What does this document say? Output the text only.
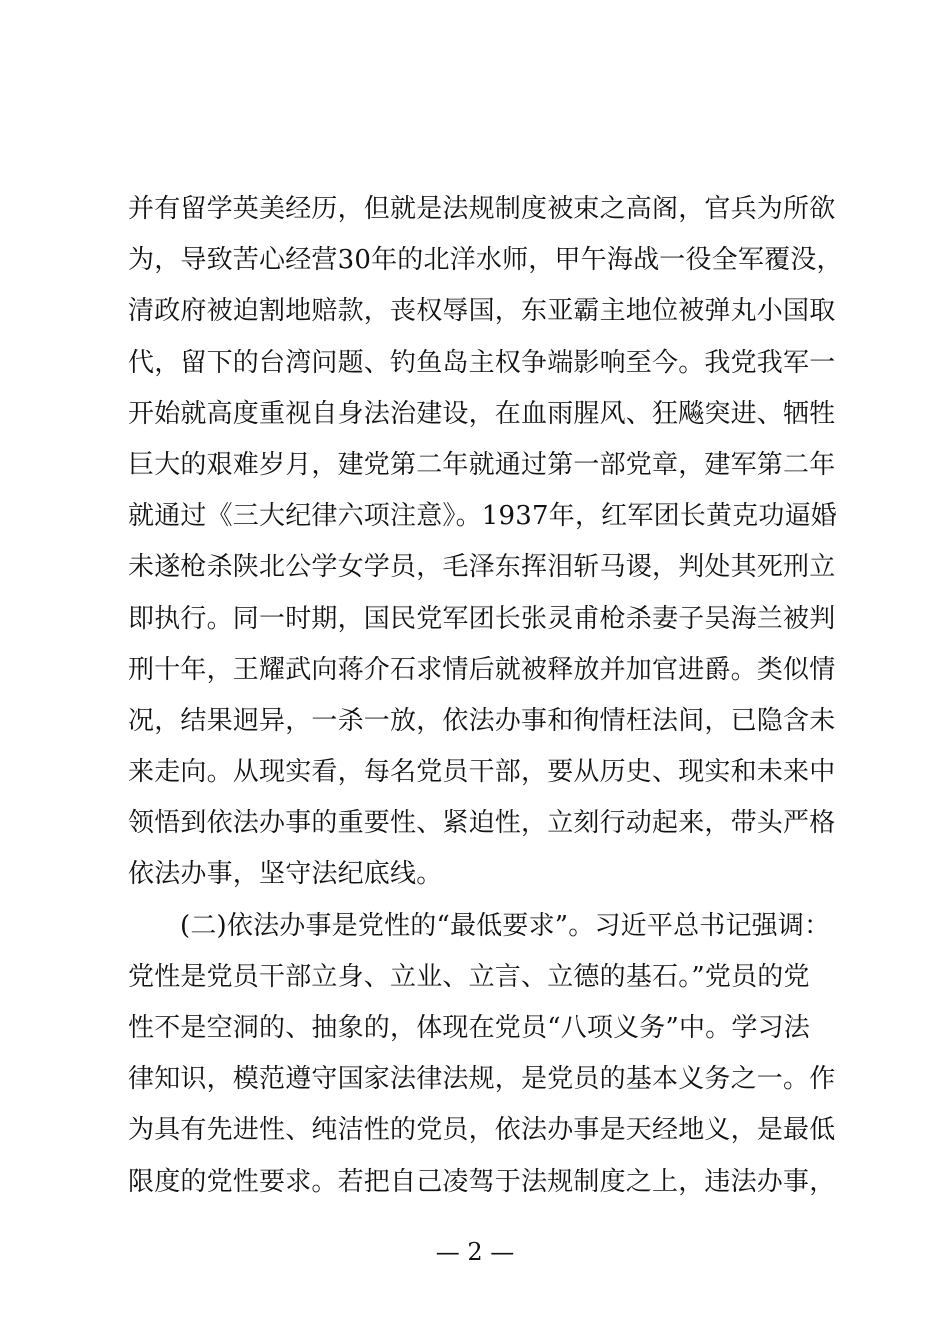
并有留学英美经历，但就是法规制度被束之高阁，官兵为所欲
为，导致苦心经营30年的北洋水师，甲午海战一役全军覆没，
清政府被迫割地赔款，丧权辱国，东亚霸主地位被弹丸小国取
代，留下的台湾问题、钓鱼岛主权争端影响至今。我党我军一
开始就高度重视自身法治建设，在血雨腥风、狂飚突进、牺牲
巨大的艰难岁月，建党第二年就通过第一部党章，建军第二年
就通过《三大纪律六项注意》。1937年，红军团长黄克功逼婚
未遂枪杀陕北公学女学员，毛泽东挥泪斩马谡，判处其死刑立
即执行。同一时期，国民党军团长张灵甫枪杀妻子吴海兰被判
刑十年，王耀武向蒋介石求情后就被释放并加官进爵。类似情
况，结果迥异，一杀一放，依法办事和徇情枉法间，已隐含未
来走向。从现实看，每名党员干部，要从历史、现实和未来中
领悟到依法办事的重要性、紧迫性，立刻行动起来，带头严格
依法办事，坚守法纪底线。
(二)依法办事是党性的“最低要求”。习近平总书记强调：
党性是党员干部立身、立业、立言、立德的基石。”党员的党
性不是空洞的、抽象的，体现在党员“八项义务”中。学习法
律知识，模范遵守国家法律法规，是党员的基本义务之一。作
为具有先进性、纯洁性的党员，依法办事是天经地义，是最低
限度的党性要求。若把自己凌驾于法规制度之上，违法办事，
— 2 —
